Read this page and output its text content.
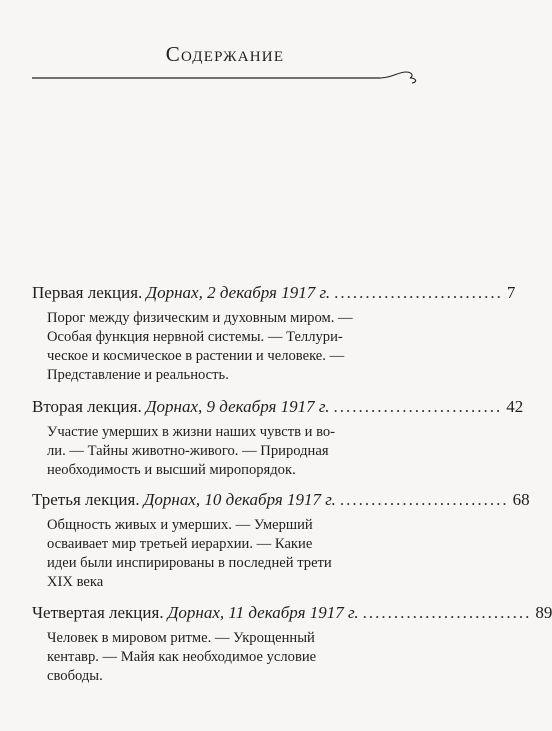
Содержание
Первая лекция. Дорнах, 2 декабря 1917 г. ........................... 7
Порог между физическим и духовным миром. —
Особая функция нервной системы. — Теллури-
ческое и космическое в растении и человеке. —
Представление и реальность.
Вторая лекция. Дорнах, 9 декабря 1917 г. ........................... 42
Участие умерших в жизни наших чувств и во-
ли. — Тайны животно-живого. — Природная
необходимость и высший миропорядок.
Третья лекция. Дорнах, 10 декабря 1917 г. ........................... 68
Общность живых и умерших. — Умерший
осваивает мир третьей иерархии. — Какие
идеи были инспирированы в последней трети
XIX века
Четвертая лекция. Дорнах, 11 декабря 1917 г. ........................... 89
Человек в мировом ритме. — Укрощенный
кентавр. — Майя как необходимое условие
свободы.
